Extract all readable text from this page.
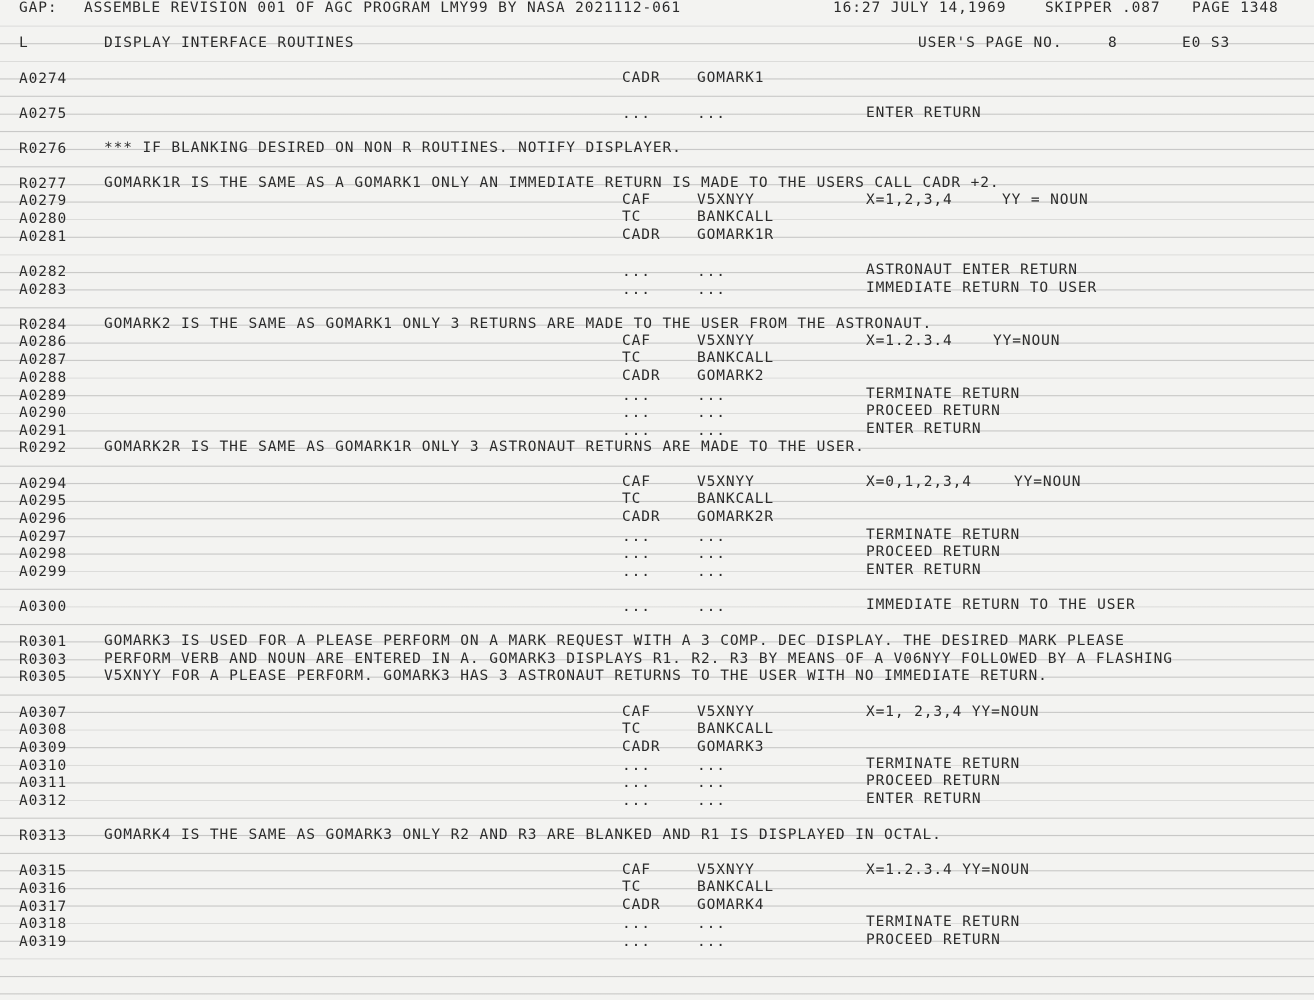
GAP: ASSEMBLE REVISION 001 OF AGC PROGRAM LMY99 BY NASA 2021112-061	16:27 JULY 14,1969	SKIPPER .087 PAGE 1348
L	DISPLAY INTERFACE ROUTINES	USER'S PAGE NO.	8	E0 S3
A0274	CADR	GOMARK1
A0275	...	...	ENTER RETURN
R0276	*** IF BLANKING DESIRED ON NON R ROUTINES. NOTIFY DISPLAYER.
R0277	GOMARK1R IS THE SAME AS A GOMARK1 ONLY AN IMMEDIATE RETURN IS MADE TO THE USERS CALL CADR +2.
A0279	CAF	V5XNYY	X=1,2,3,4	YY = NOUN
A0280	TC	BANKCALL
A0281	CADR	GOMARK1R
A0282	...	...	ASTRONAUT ENTER RETURN
A0283	...	...	IMMEDIATE RETURN TO USER
R0284	GOMARK2 IS THE SAME AS GOMARK1 ONLY 3 RETURNS ARE MADE TO THE USER FROM THE ASTRONAUT.
A0286	CAF	V5XNYY	X=1.2.3.4	YY=NOUN
A0287	TC	BANKCALL
A0288	CADR	GOMARK2
A0289	...	...	TERMINATE RETURN
A0290	...	...	PROCEED RETURN
A0291	...	...	ENTER RETURN
R0292	GOMARK2R IS THE SAME AS GOMARK1R ONLY 3 ASTRONAUT RETURNS ARE MADE TO THE USER.
A0294	CAF	V5XNYY	X=0,1,2,3,4	YY=NOUN
A0295	TC	BANKCALL
A0296	CADR	GOMARK2R
A0297	...	...	TERMINATE RETURN
A0298	...	...	PROCEED RETURN
A0299	...	...	ENTER RETURN
A0300	...	...	IMMEDIATE RETURN TO THE USER
R0301	GOMARK3 IS USED FOR A PLEASE PERFORM ON A MARK REQUEST WITH A 3 COMP. DEC DISPLAY. THE DESIRED MARK PLEASE
R0303	PERFORM VERB AND NOUN ARE ENTERED IN A. GOMARK3 DISPLAYS R1. R2. R3 BY MEANS OF A V06NYY FOLLOWED BY A FLASHING
R0305	V5XNYY FOR A PLEASE PERFORM. GOMARK3 HAS 3 ASTRONAUT RETURNS TO THE USER WITH NO IMMEDIATE RETURN.
A0307	CAF	V5XNYY	X=1, 2,3,4 YY=NOUN
A0308	TC	BANKCALL
A0309	CADR	GOMARK3
A0310	...	...	TERMINATE RETURN
A0311	...	...	PROCEED RETURN
A0312	...	...	ENTER RETURN
R0313	GOMARK4 IS THE SAME AS GOMARK3 ONLY R2 AND R3 ARE BLANKED AND R1 IS DISPLAYED IN OCTAL.
A0315	CAF	V5XNYY	X=1.2.3.4 YY=NOUN
A0316	TC	BANKCALL
A0317	CADR	GOMARK4
A0318	...	...	TERMINATE RETURN
A0319	...	...	PROCEED RETURN
